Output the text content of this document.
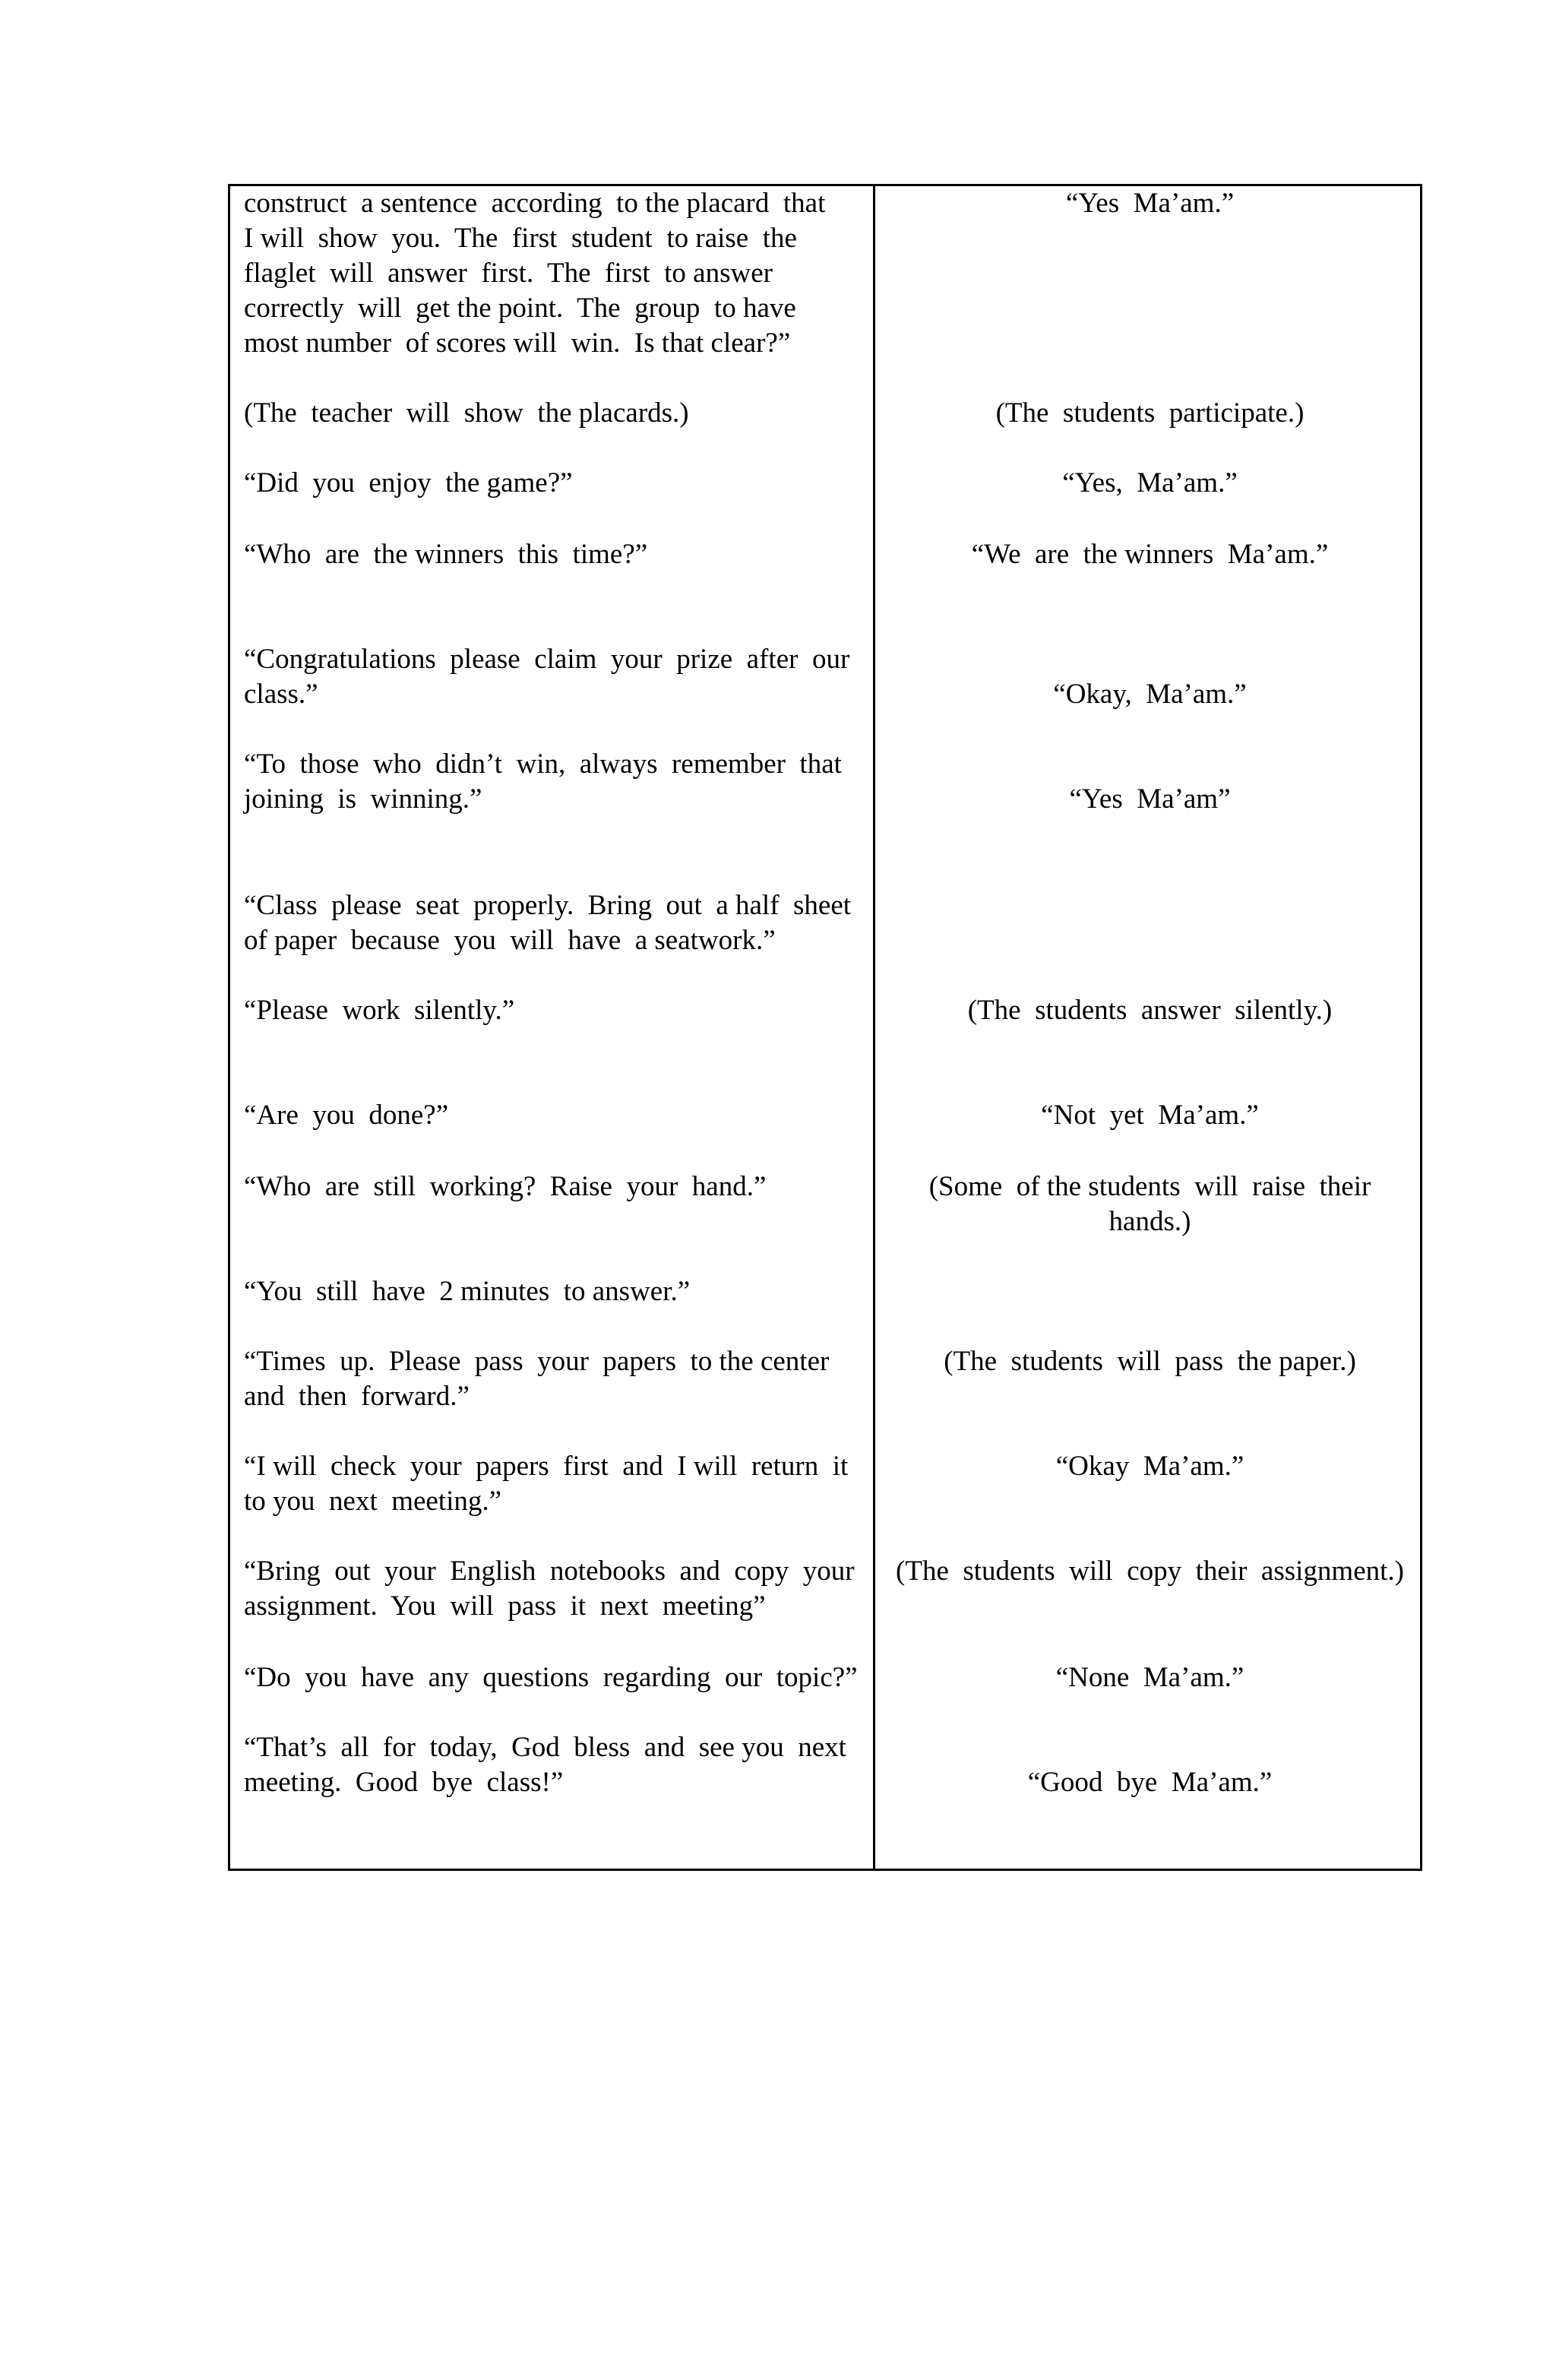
construct  a sentence  according  to the placard  that

I will  show  you.  The  first  student  to raise  the

flaglet  will  answer  first.  The  first  to answer

correctly  will  get the point.  The  group  to have

most number  of scores will  win.  Is that clear?”

(The  teacher  will  show  the placards.)

“Did  you  enjoy  the game?”

“Who  are  the winners  this  time?”

“Congratulations  please  claim  your  prize  after  our

class.”

“To  those  who  didn’t  win,  always  remember  that

joining  is  winning.”

“Class  please  seat  properly.  Bring  out  a half  sheet

of paper  because  you  will  have  a seatwork.”

“Please  work  silently.”

“Are  you  done?”

“Who  are  still  working?  Raise  your  hand.”

“You  still  have  2 minutes  to answer.”

“Times  up.  Please  pass  your  papers  to the center

and  then  forward.”

“I will  check  your  papers  first  and  I will  return  it

to you  next  meeting.”

“Bring  out  your  English  notebooks  and  copy  your

assignment.  You  will  pass  it  next  meeting”

“Do  you  have  any  questions  regarding  our  topic?”

“That’s  all  for  today,  God  bless  and  see you  next

meeting.  Good  bye  class!”

“Yes  Ma’am.”

(The  students  participate.)

“Yes,  Ma’am.”

“We  are  the winners  Ma’am.”

“Okay,  Ma’am.”

“Yes  Ma’am”

(The  students  answer  silently.)

“Not  yet  Ma’am.”

(Some  of the students  will  raise  their

hands.)

(The  students  will  pass  the paper.)

“Okay  Ma’am.”

(The  students  will  copy  their  assignment.)

“None  Ma’am.”

“Good  bye  Ma’am.”
